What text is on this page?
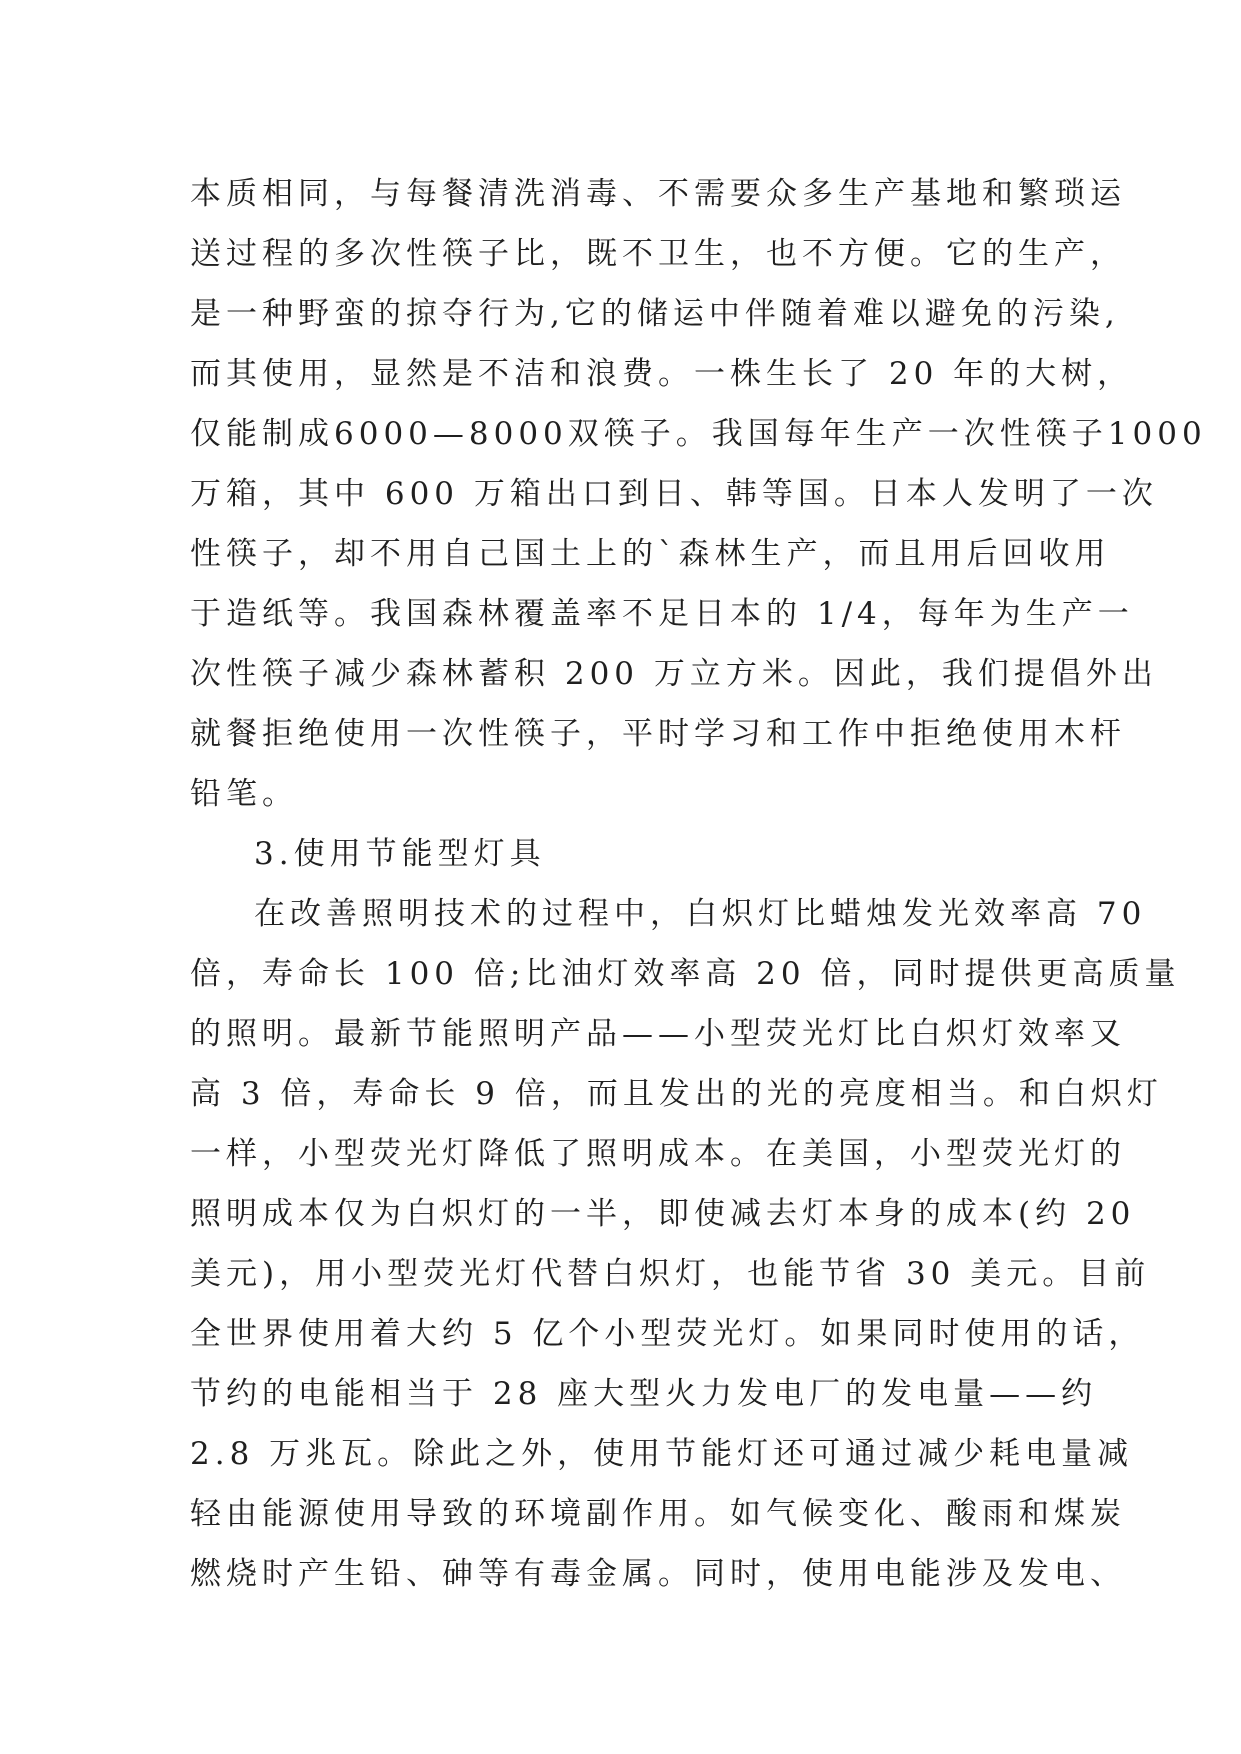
本质相同，与每餐清洗消毒、不需要众多生产基地和繁琐运
送过程的多次性筷子比，既不卫生，也不方便。它的生产，
是一种野蛮的掠夺行为,它的储运中伴随着难以避免的污染,
而其使用，显然是不洁和浪费。一株生长了 20 年的大树，
仅能制成6000—8000双筷子。我国每年生产一次性筷子1000
万箱，其中 600 万箱出口到日、韩等国。日本人发明了一次
性筷子，却不用自己国土上的`森林生产，而且用后回收用
于造纸等。我国森林覆盖率不足日本的 1/4，每年为生产一
次性筷子减少森林蓄积 200 万立方米。因此，我们提倡外出
就餐拒绝使用一次性筷子，平时学习和工作中拒绝使用木杆
铅笔。
3.使用节能型灯具
在改善照明技术的过程中，白炽灯比蜡烛发光效率高 70
倍，寿命长 100 倍;比油灯效率高 20 倍，同时提供更高质量
的照明。最新节能照明产品——小型荧光灯比白炽灯效率又
高 3 倍，寿命长 9 倍，而且发出的光的亮度相当。和白炽灯
一样，小型荧光灯降低了照明成本。在美国，小型荧光灯的
照明成本仅为白炽灯的一半，即使减去灯本身的成本(约 20
美元)，用小型荧光灯代替白炽灯，也能节省 30 美元。目前
全世界使用着大约 5 亿个小型荧光灯。如果同时使用的话，
节约的电能相当于 28 座大型火力发电厂的发电量——约
2.8 万兆瓦。除此之外，使用节能灯还可通过减少耗电量减
轻由能源使用导致的环境副作用。如气候变化、酸雨和煤炭
燃烧时产生铅、砷等有毒金属。同时，使用电能涉及发电、
